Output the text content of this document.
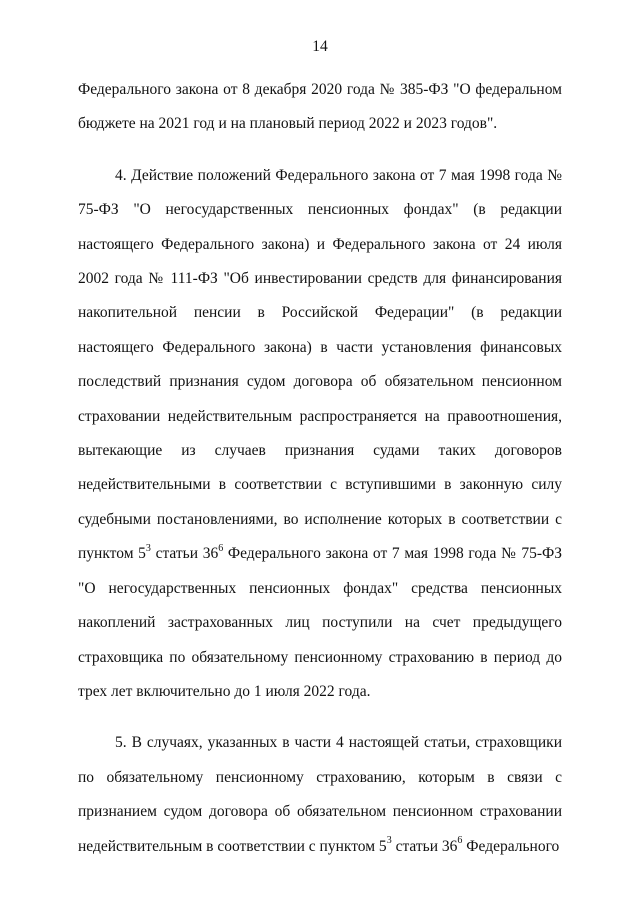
14

Федерального закона от 8 декабря 2020 года № 385-ФЗ "О федеральном бюджете на 2021 год и на плановый период 2022 и 2023 годов".

4. Действие положений Федерального закона от 7 мая 1998 года № 75-ФЗ "О негосударственных пенсионных фондах" (в редакции настоящего Федерального закона) и Федерального закона от 24 июля 2002 года № 111-ФЗ "Об инвестировании средств для финансирования накопительной пенсии в Российской Федерации" (в редакции настоящего Федерального закона) в части установления финансовых последствий признания судом договора об обязательном пенсионном страховании недействительным распространяется на правоотношения, вытекающие из случаев признания судами таких договоров недействительными в соответствии с вступившими в законную силу судебными постановлениями, во исполнение которых в соответствии с пунктом $5^3$ статьи $36^6$ Федерального закона от 7 мая 1998 года № 75-ФЗ "О негосударственных пенсионных фондах" средства пенсионных накоплений застрахованных лиц поступили на счет предыдущего страховщика по обязательному пенсионному страхованию в период до трех лет включительно до 1 июля 2022 года.

5. В случаях, указанных в части 4 настоящей статьи, страховщики по обязательному пенсионному страхованию, которым в связи с признанием судом договора об обязательном пенсионном страховании недействительным в соответствии с пунктом $5^3$ статьи $36^6$ Федерального
